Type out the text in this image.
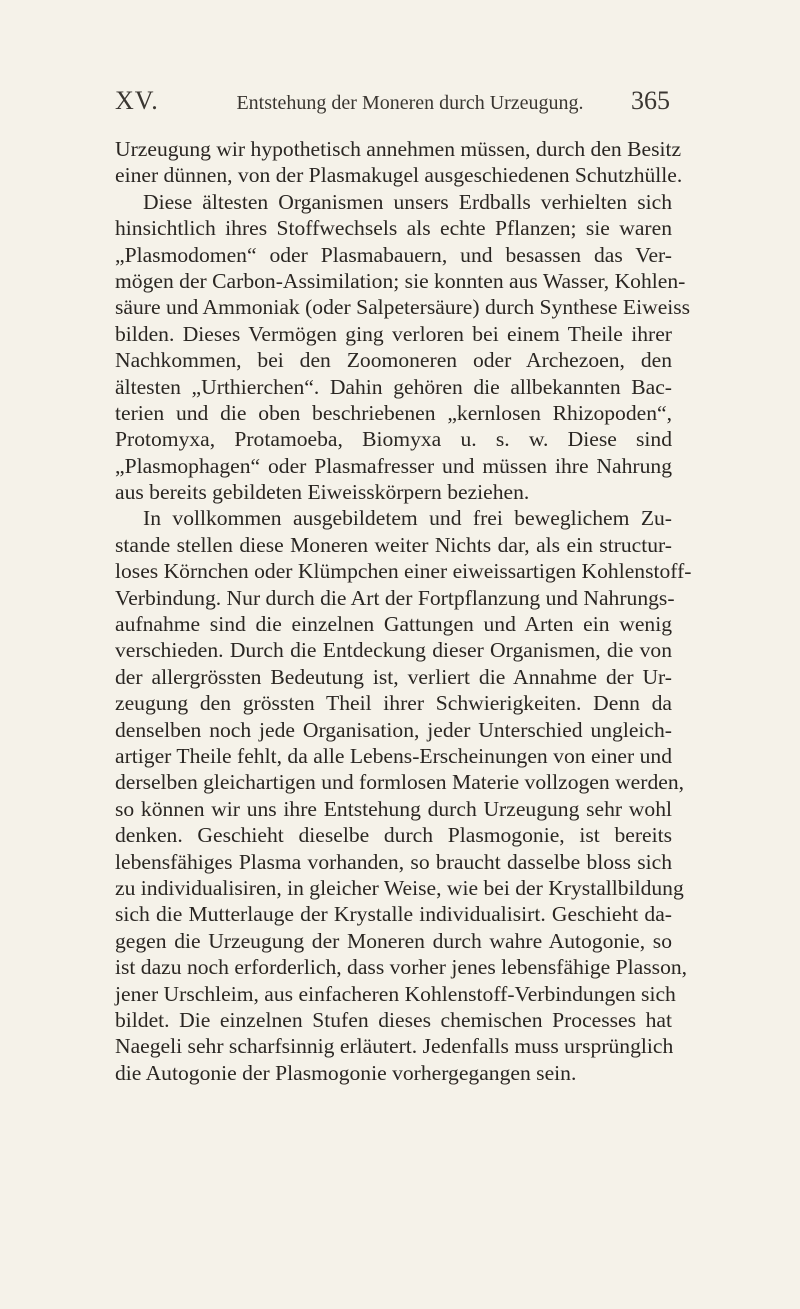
XV.	Entstehung der Moneren durch Urzeugung.	365
Urzeugung wir hypothetisch annehmen müssen, durch den Besitz
einer dünnen, von der Plasmakugel ausgeschiedenen Schutzhülle.
Diese ältesten Organismen unsers Erdballs verhielten sich
hinsichtlich ihres Stoffwechsels als echte Pflanzen; sie waren
„Plasmodomen“ oder Plasmabauern, und besassen das Ver-
mögen der Carbon-Assimilation; sie konnten aus Wasser, Kohlen-
säure und Ammoniak (oder Salpetersäure) durch Synthese Eiweiss
bilden. Dieses Vermögen ging verloren bei einem Theile ihrer
Nachkommen, bei den Zoomoneren oder Archezoen, den
ältesten „Urthierchen“. Dahin gehören die allbekannten Bac-
terien und die oben beschriebenen „kernlosen Rhizopoden“,
Protomyxa, Protamoeba, Biomyxa u. s. w. Diese sind
„Plasmophagen“ oder Plasmafresser und müssen ihre Nahrung
aus bereits gebildeten Eiweisskörpern beziehen.
In vollkommen ausgebildetem und frei beweglichem Zu-
stande stellen diese Moneren weiter Nichts dar, als ein structur-
loses Körnchen oder Klümpchen einer eiweissartigen Kohlenstoff-
Verbindung. Nur durch die Art der Fortpflanzung und Nahrungs-
aufnahme sind die einzelnen Gattungen und Arten ein wenig
verschieden. Durch die Entdeckung dieser Organismen, die von
der allergrössten Bedeutung ist, verliert die Annahme der Ur-
zeugung den grössten Theil ihrer Schwierigkeiten. Denn da
denselben noch jede Organisation, jeder Unterschied ungleich-
artiger Theile fehlt, da alle Lebens-Erscheinungen von einer und
derselben gleichartigen und formlosen Materie vollzogen werden,
so können wir uns ihre Entstehung durch Urzeugung sehr wohl
denken. Geschieht dieselbe durch Plasmogonie, ist bereits
lebensfähiges Plasma vorhanden, so braucht dasselbe bloss sich
zu individualisiren, in gleicher Weise, wie bei der Krystallbildung
sich die Mutterlauge der Krystalle individualisirt. Geschieht da-
gegen die Urzeugung der Moneren durch wahre Autogonie, so
ist dazu noch erforderlich, dass vorher jenes lebensfähige Plasson,
jener Urschleim, aus einfacheren Kohlenstoff-Verbindungen sich
bildet. Die einzelnen Stufen dieses chemischen Processes hat
Naegeli sehr scharfsinnig erläutert. Jedenfalls muss ursprünglich
die Autogonie der Plasmogonie vorhergegangen sein.
